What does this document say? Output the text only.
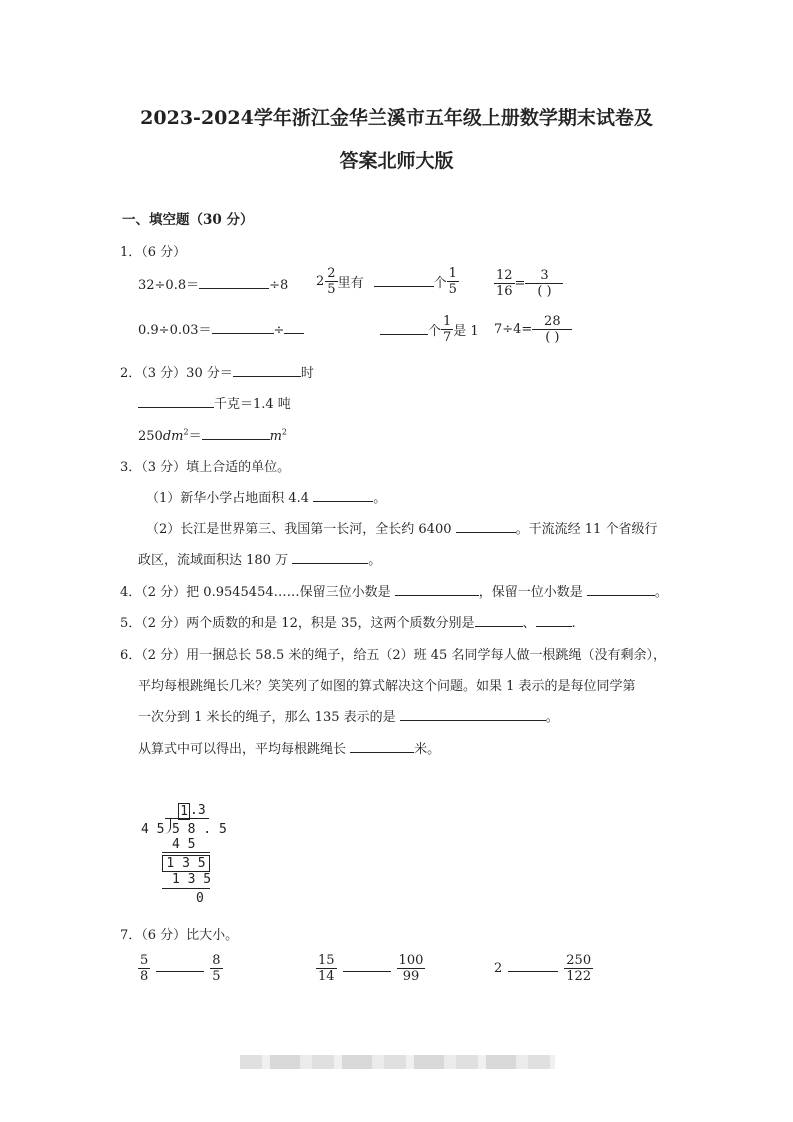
2023-2024学年浙江金华兰溪市五年级上册数学期末试卷及
答案北师大版
一、填空题（30 分）
1．（6 分）
32÷0.8＝	÷8 $2 \frac{2}{5}$ 里有	个 $\frac{1}{5}$	$\frac{12}{16} = \frac{3}{( )}$
0.9÷0.03＝	÷	个 $\frac{1}{7}$ 是 1 $7\div 4= \frac{28}{( )}$
2．（3 分）30 分＝	时
千克＝1.4 吨
$250dm^2=$	$m^2$
3．（3 分）填上合适的单位。
（1）新华小学占地面积 4.4	。
（2）长江是世界第三、我国第一长河，全长约 6400	。干流流经 11 个省级行
政区，流域面积达 180 万	。
4．（2 分）把 0.9545454……保留三位小数是	，保留一位小数是	。
5．（2 分）两个质数的和是 12，积是 35，这两个质数分别是	、	.
6．（2 分）用一捆总长 58.5 米的绳子，给五（2）班 45 名同学每人做一根跳绳（没有剩余），
平均每根跳绳长几米？笑笑列了如图的算式解决这个问题。如果 1 表示的是每位同学第
一次分到 1 米长的绳子，那么 135 表示的是	。
从算式中可以得出，平均每根跳绳长	米。
1 .3
4 5 5 8 . 5
4 5
1 3 5
1 3 5
0
7．（6 分）比大小。
$\frac{5}{8}$	$\frac{8}{5}$	$\frac{15}{14}$	$\frac{100}{99}$	2	$\frac{250}{122}$
